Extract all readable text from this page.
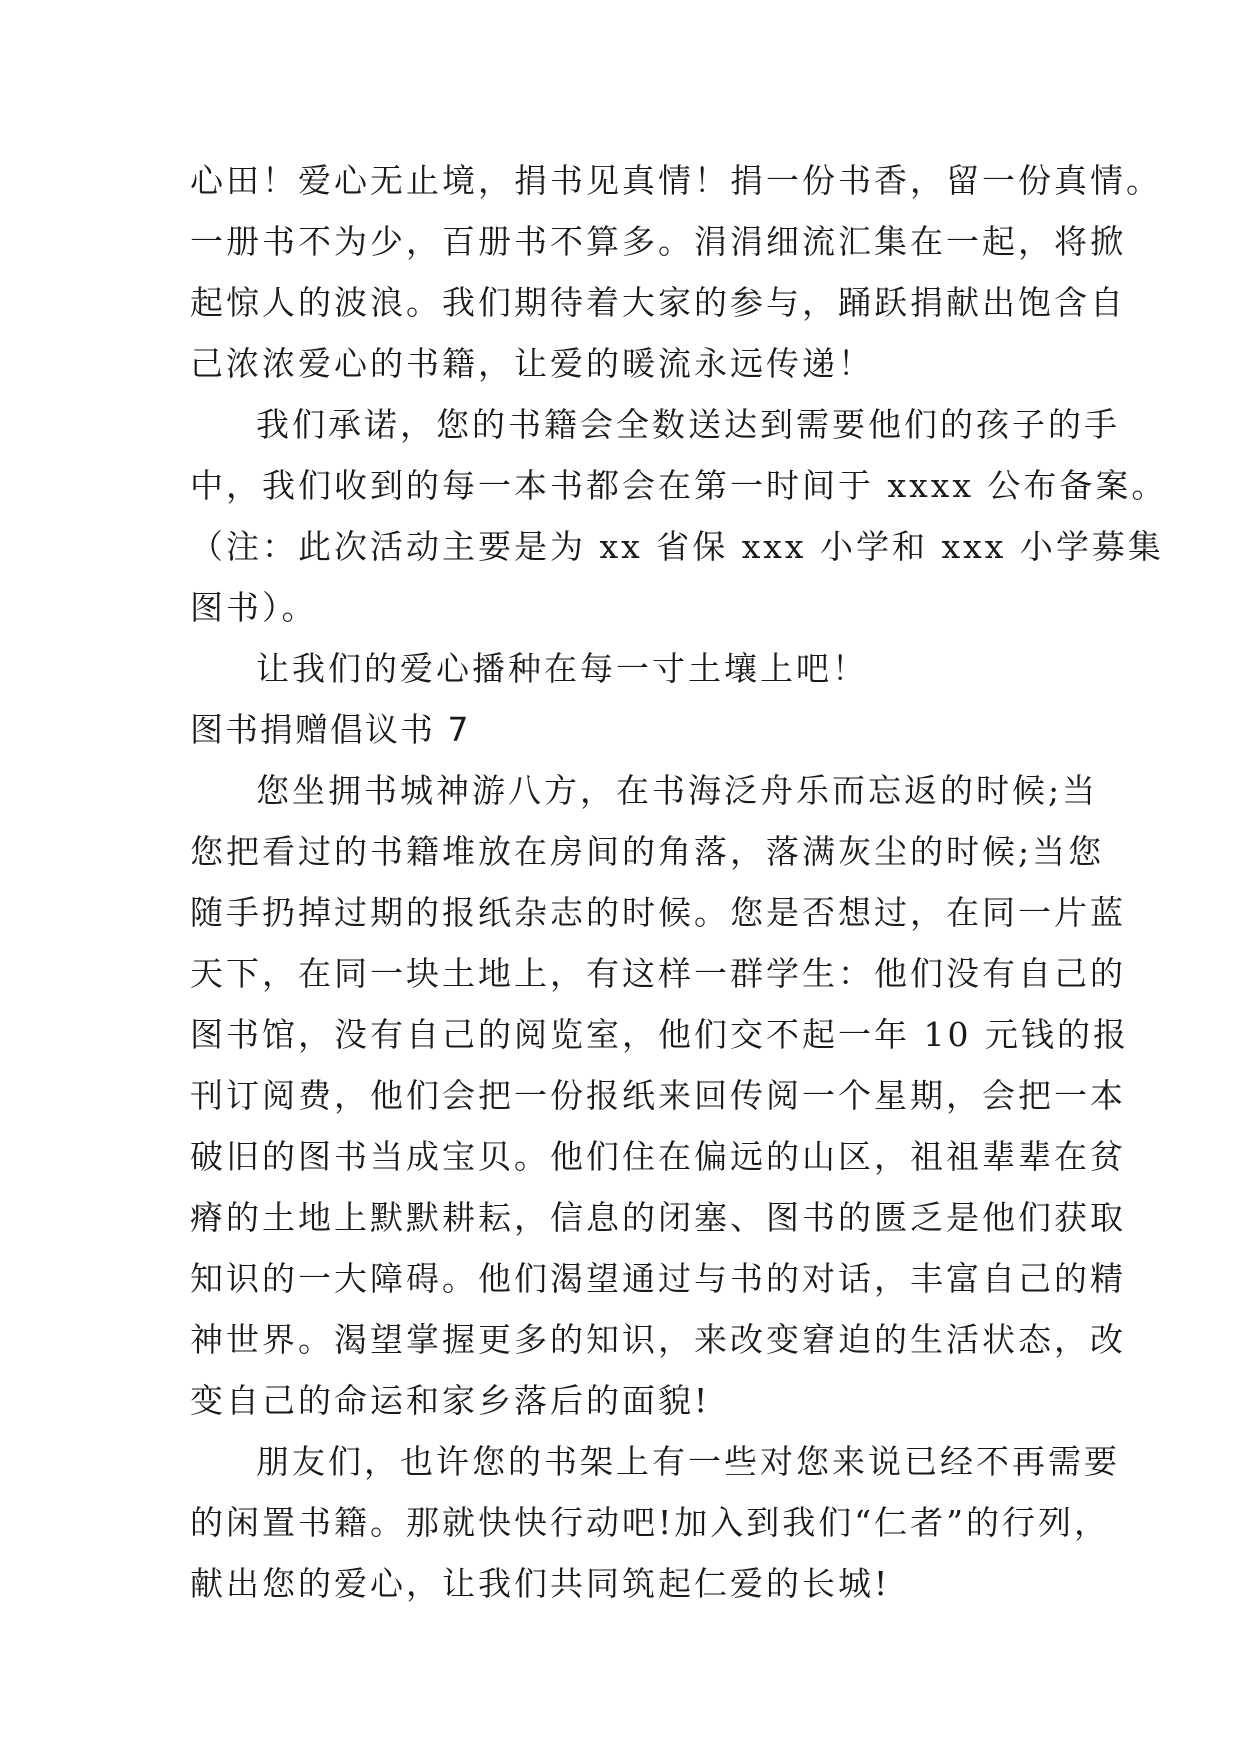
心田！爱心无止境，捐书见真情！捐一份书香，留一份真情。
一册书不为少，百册书不算多。涓涓细流汇集在一起，将掀
起惊人的波浪。我们期待着大家的参与，踊跃捐献出饱含自
己浓浓爱心的书籍，让爱的暖流永远传递！
我们承诺，您的书籍会全数送达到需要他们的孩子的手
中，我们收到的每一本书都会在第一时间于 xxxx 公布备案。
（注：此次活动主要是为 xx 省保 xxx 小学和 xxx 小学募集
图书）。
让我们的爱心播种在每一寸土壤上吧！
图书捐赠倡议书 7
您坐拥书城神游八方，在书海泛舟乐而忘返的时候;当
您把看过的书籍堆放在房间的角落，落满灰尘的时候;当您
随手扔掉过期的报纸杂志的时候。您是否想过，在同一片蓝
天下，在同一块土地上，有这样一群学生：他们没有自己的
图书馆，没有自己的阅览室，他们交不起一年 10 元钱的报
刊订阅费，他们会把一份报纸来回传阅一个星期，会把一本
破旧的图书当成宝贝。他们住在偏远的山区，祖祖辈辈在贫
瘠的土地上默默耕耘，信息的闭塞、图书的匮乏是他们获取
知识的一大障碍。他们渴望通过与书的对话，丰富自己的精
神世界。渴望掌握更多的知识，来改变窘迫的生活状态，改
变自己的命运和家乡落后的面貌!
朋友们，也许您的书架上有一些对您来说已经不再需要
的闲置书籍。那就快快行动吧!加入到我们“仁者”的行列，
献出您的爱心，让我们共同筑起仁爱的长城!
